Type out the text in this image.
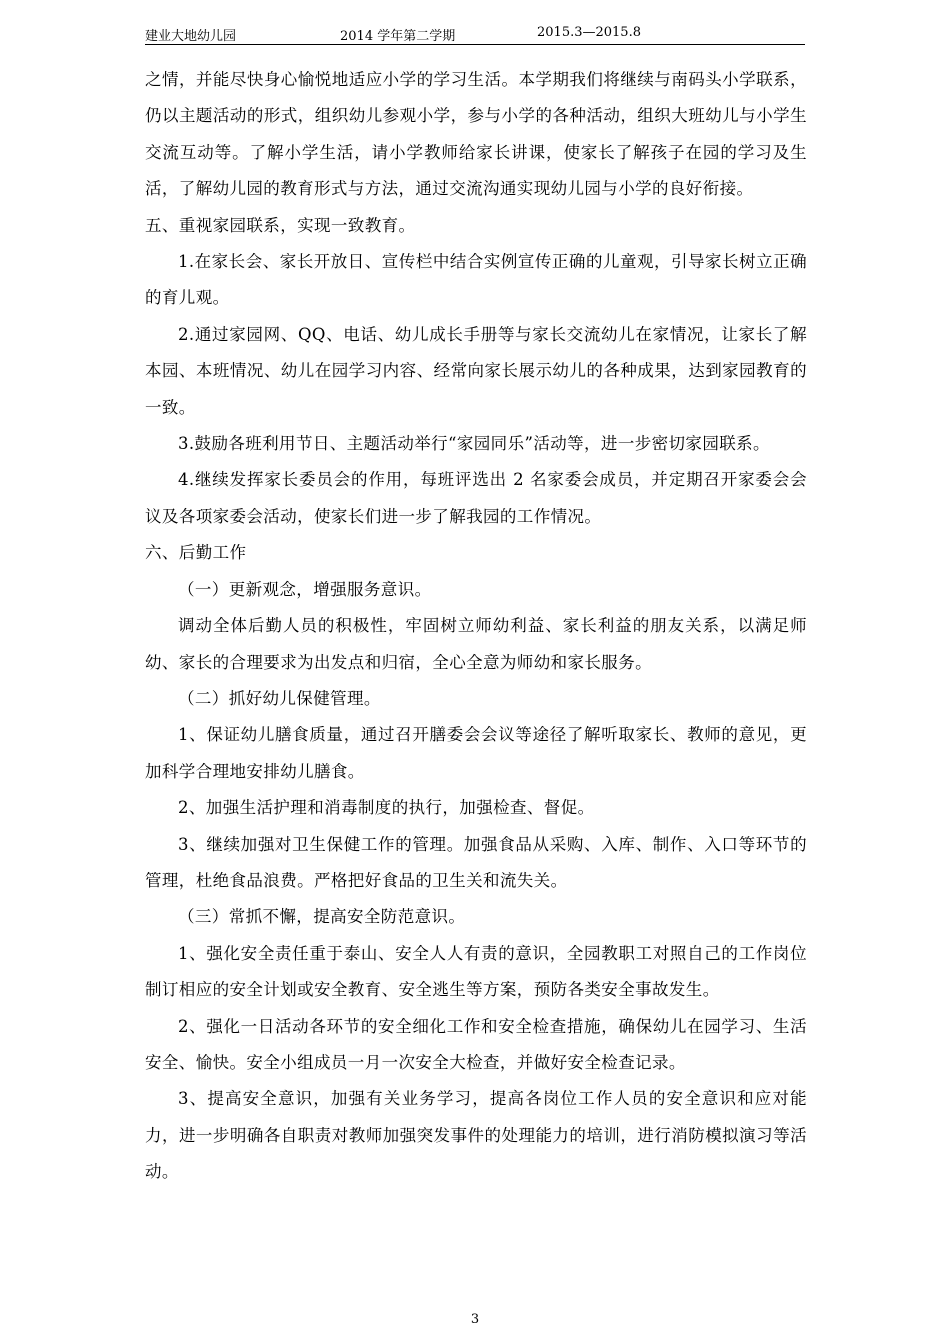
建业大地幼儿园	2014 学年第二学期	2015.3—2015.8

之情，并能尽快身心愉悦地适应小学的学习生活。本学期我们将继续与南码头小学联系，仍以主题活动的形式，组织幼儿参观小学，参与小学的各种活动，组织大班幼儿与小学生交流互动等。了解小学生活，请小学教师给家长讲课，使家长了解孩子在园的学习及生活，了解幼儿园的教育形式与方法，通过交流沟通实现幼儿园与小学的良好衔接。

五、重视家园联系，实现一致教育。

1.在家长会、家长开放日、宣传栏中结合实例宣传正确的儿童观，引导家长树立正确的育儿观。

2.通过家园网、QQ、电话、幼儿成长手册等与家长交流幼儿在家情况，让家长了解本园、本班情况、幼儿在园学习内容、经常向家长展示幼儿的各种成果，达到家园教育的一致。

3.鼓励各班利用节日、主题活动举行“家园同乐”活动等，进一步密切家园联系。

4.继续发挥家长委员会的作用，每班评选出 2 名家委会成员，并定期召开家委会会议及各项家委会活动，使家长们进一步了解我园的工作情况。

六、后勤工作

（一）更新观念，增强服务意识。

调动全体后勤人员的积极性，牢固树立师幼利益、家长利益的朋友关系，以满足师幼、家长的合理要求为出发点和归宿，全心全意为师幼和家长服务。

（二）抓好幼儿保健管理。

1、保证幼儿膳食质量，通过召开膳委会会议等途径了解听取家长、教师的意见，更加科学合理地安排幼儿膳食。

2、加强生活护理和消毒制度的执行，加强检查、督促。

3、继续加强对卫生保健工作的管理。加强食品从采购、入库、制作、入口等环节的管理，杜绝食品浪费。严格把好食品的卫生关和流失关。

（三）常抓不懈，提高安全防范意识。

1、强化安全责任重于泰山、安全人人有责的意识，全园教职工对照自己的工作岗位制订相应的安全计划或安全教育、安全逃生等方案，预防各类安全事故发生。

2、强化一日活动各环节的安全细化工作和安全检查措施，确保幼儿在园学习、生活安全、愉快。安全小组成员一月一次安全大检查，并做好安全检查记录。

3、提高安全意识，加强有关业务学习，提高各岗位工作人员的安全意识和应对能力，进一步明确各自职责对教师加强突发事件的处理能力的培训，进行消防模拟演习等活动。

3
